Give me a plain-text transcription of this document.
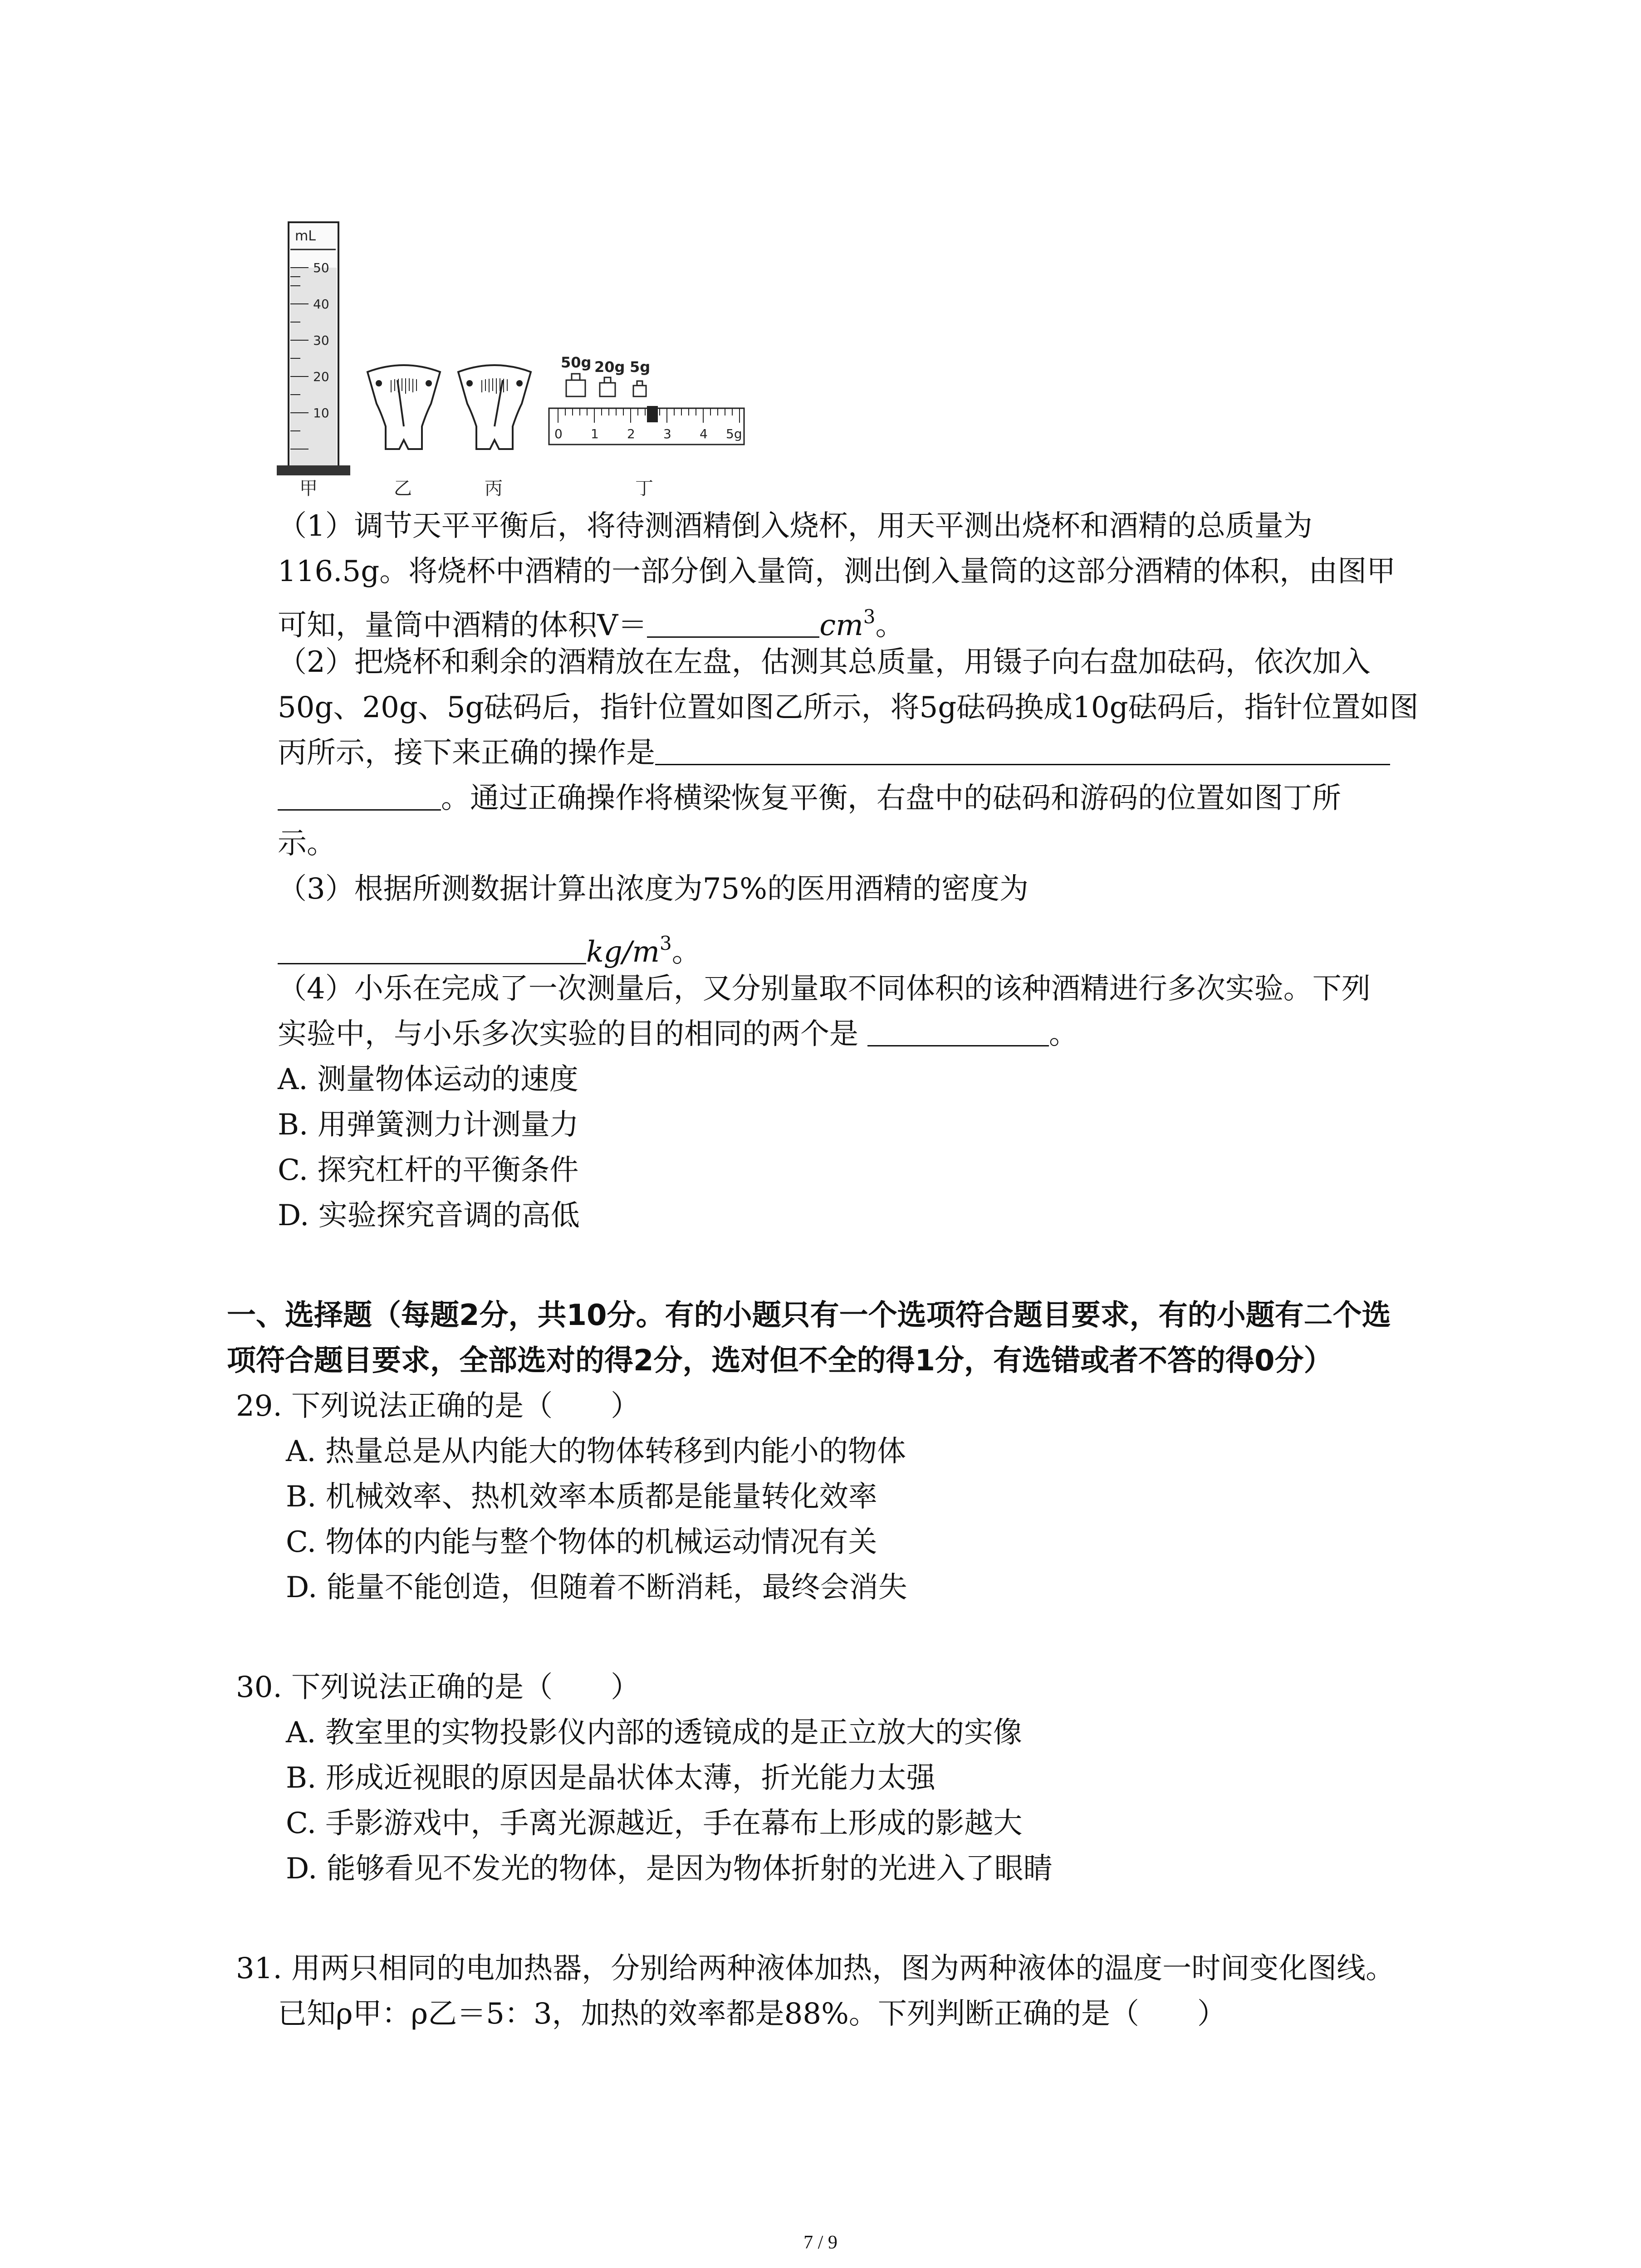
mL
50
40
30
20
10
50g 20g 5g
0 1 2 3 4 5g
甲	乙	丙	丁
（1）调节天平平衡后，将待测酒精倒入烧杯，用天平测出烧杯和酒精的总质量为
116.5g。将烧杯中酒精的一部分倒入量筒，测出倒入量筒的这部分酒精的体积，由图甲
可知，量筒中酒精的体积V＝	$cm^3$。
（2）把烧杯和剩余的酒精放在左盘，估测其总质量，用镊子向右盘加砝码，依次加入
50g、20g、5g砝码后，指针位置如图乙所示，将5g砝码换成10g砝码后，指针位置如图
丙所示，接下来正确的操作是
。通过正确操作将横梁恢复平衡，右盘中的砝码和游码的位置如图丁所
示。
（3）根据所测数据计算出浓度为75%的医用酒精的密度为
$kg/m^3$。
（4）小乐在完成了一次测量后，又分别量取不同体积的该种酒精进行多次实验。下列
实验中，与小乐多次实验的目的相同的两个是	。
A. 测量物体运动的速度
B. 用弹簧测力计测量力
C. 探究杠杆的平衡条件
D. 实验探究音调的高低
一、选择题（每题2分，共10分。有的小题只有一个选项符合题目要求，有的小题有二个选
项符合题目要求，全部选对的得2分，选对但不全的得1分，有选错或者不答的得0分）
29. 下列说法正确的是（　　）
A. 热量总是从内能大的物体转移到内能小的物体
B. 机械效率、热机效率本质都是能量转化效率
C. 物体的内能与整个物体的机械运动情况有关
D. 能量不能创造，但随着不断消耗，最终会消失
30. 下列说法正确的是（　　）
A. 教室里的实物投影仪内部的透镜成的是正立放大的实像
B. 形成近视眼的原因是晶状体太薄，折光能力太强
C. 手影游戏中，手离光源越近，手在幕布上形成的影越大
D. 能够看见不发光的物体，是因为物体折射的光进入了眼睛
31. 用两只相同的电加热器，分别给两种液体加热，图为两种液体的温度一时间变化图线。
已知ρ甲：ρ乙＝5：3，加热的效率都是88%。下列判断正确的是（　　）
7 / 9
